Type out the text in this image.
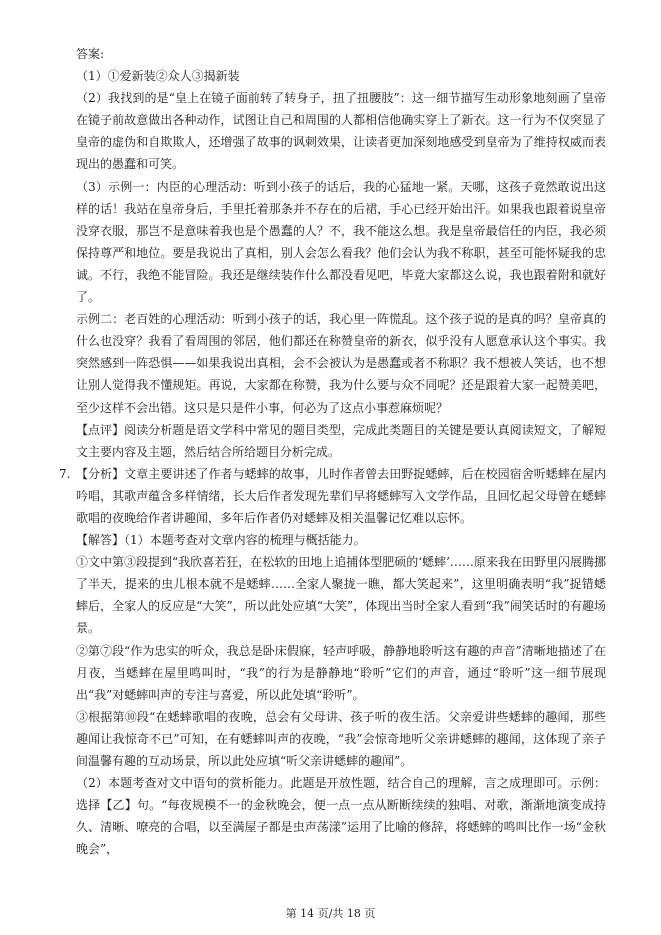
答案:

（1）①爱新装②众人③揭新装

（2）我找到的是“皇上在镜子面前转了转身子，扭了扭腰肢”：这一细节描写生动形象地刻画了皇帝在镜子前故意做出各种动作，试图让自己和周围的人都相信他确实穿上了新衣。这一行为不仅突显了皇帝的虚伪和自欺欺人，还增强了故事的讽刺效果，让读者更加深刻地感受到皇帝为了维持权威而表现出的愚蠢和可笑。

（3）示例一：内臣的心理活动：听到小孩子的话后，我的心猛地一紧。天哪，这孩子竟然敢说出这样的话！我站在皇帝身后，手里托着那条并不存在的后裙，手心已经开始出汗。如果我也跟着说皇帝没穿衣服，那岂不是意味着我也是个愚蠢的人？不，我不能这么想。我是皇帝最信任的内臣，我必须保持尊严和地位。要是我说出了真相，别人会怎么看我？他们会认为我不称职，甚至可能怀疑我的忠诚。不行，我绝不能冒险。我还是继续装作什么都没看见吧，毕竟大家都这么说，我也跟着附和就好了。

示例二：老百姓的心理活动：听到小孩子的话，我心里一阵慌乱。这个孩子说的是真的吗？皇帝真的什么也没穿？我看了看周围的邻居，他们都还在称赞皇帝的新衣，似乎没有人愿意承认这个事实。我突然感到一阵恐惧——如果我说出真相，会不会被认为是愚蠢或者不称职？我不想被人笑话，也不想让别人觉得我不懂规矩。再说，大家都在称赞，我为什么要与众不同呢？还是跟着大家一起赞美吧，至少这样不会出错。这只是只是件小事，何必为了这点小事惹麻烦呢？

【点评】阅读分析题是语文学科中常见的题目类型，完成此类题目的关键是要认真阅读短文，了解短文主要内容及主题，然后结合所给题目分析完成。

7. 【分析】文章主要讲述了作者与蟋蟀的故事，儿时作者曾去田野捉蟋蟀，后在校园宿舍听蟋蟀在屋内吟唱，其歌声蕴含多样情绪，长大后作者发现先辈们早将蟋蟀写入文学作品，且回忆起父母曾在蟋蟀歌唱的夜晚给作者讲趣闻，多年后作者仍对蟋蟀及相关温馨记忆难以忘怀。

【解答】（1）本题考查对文章内容的梳理与概括能力。

①文中第③段提到“我欣喜若狂，在松软的田地上追捕体型肥硕的‘蟋蟀’……原来我在田野里闪展腾挪了半天，提来的虫儿根本就不是蟋蟀……全家人聚拢一瞧，都大笑起来”，这里明确表明“我”捉错蟋蟀后，全家人的反应是“大笑”，所以此处应填“大笑”，体现出当时全家人看到“我”闹笑话时的有趣场景。

②第⑦段“作为忠实的听众，我总是卧床假寐，轻声呼吸，静静地聆听这有趣的声音”清晰地描述了在月夜，当蟋蟀在屋里鸣叫时，“我”的行为是静静地“聆听”它们的声音，通过“聆听”这一细节展现出“我”对蟋蟀叫声的专注与喜爱，所以此处填“聆听”。

③根据第⑩段“在蟋蟀歌唱的夜晚，总会有父母讲、孩子听的夜生活。父亲爱讲些蟋蟀的趣闻，那些趣闻让我惊奇不已”可知，在有蟋蟀叫声的夜晚，“我”会惊奇地听父亲讲蟋蟀的趣闻，这体现了亲子间温馨有趣的互动场景，所以此处应填“听父亲讲蟋蟀的趣闻”。

（2）本题考查对文中语句的赏析能力。此题是开放性题，结合自己的理解，言之成理即可。示例：选择【乙】句。“每夜规模不一的金秋晚会，便一点一点从断断续续的独唱、对歌，渐渐地演变成持久、清晰、嘹亮的合唱，以至满屋子都是虫声荡漾”运用了比喻的修辞，将蟋蟀的鸣叫比作一场“金秋晚会”，

第 14 页/共 18 页
